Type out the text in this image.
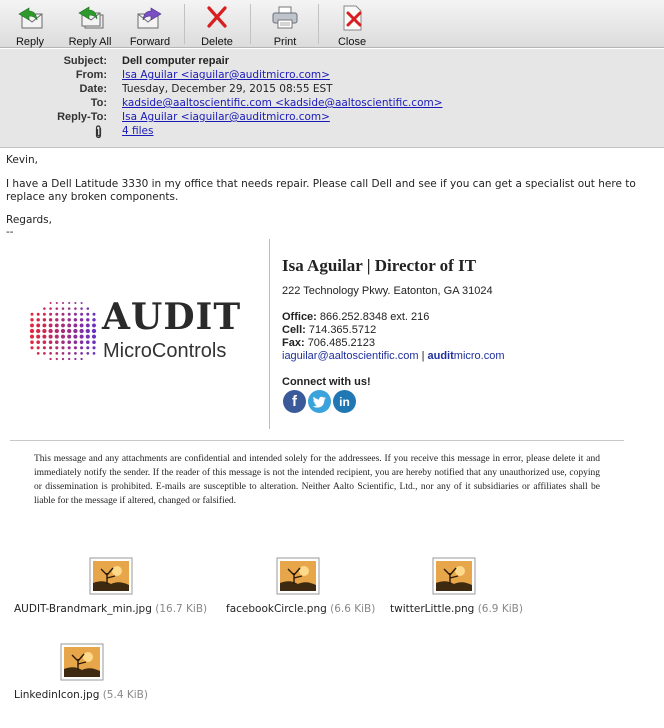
Reply Reply All Forward	Delete	Print	Close
Subject: Dell computer repair
From: Isa Aguilar <iaguilar@auditmicro.com>
Date: Tuesday, December 29, 2015 08:55 EST
To: kadside@aaltoscientific.com <kadside@aaltoscientific.com>
Reply-To: Isa Aguilar <iaguilar@auditmicro.com>
4 files
Kevin,
I have a Dell Latitude 3330 in my office that needs repair. Please call Dell and see if you can get a specialist out here to
replace any broken components.
Regards,
--
AUDIT
MicroControls
Isa Aguilar | Director of IT
222 Technology Pkwy. Eatonton, GA 31024
Office: 866.252.8348 ext. 216
Cell: 714.365.5712
Fax: 706.485.2123
iaguilar@aaltoscientific.com | auditmicro.com
Connect with us!
f	in
This message and any attachments are confidential and intended solely for the addressees. If you receive this message in error, please delete it and immediately notify the sender. If the reader of this message is not the intended recipient, you are hereby notified that any unauthorized use, copying or dissemination is prohibited. E-mails are susceptible to alteration. Neither Aalto Scientific, Ltd., nor any of it subsidiaries or affiliates shall be liable for the message if altered, changed or falsified.
AUDIT-Brandmark_min.jpg (16.7 KiB) facebookCircle.png (6.6 KiB) twitterLittle.png (6.9 KiB)
LinkedinIcon.jpg (5.4 KiB)
